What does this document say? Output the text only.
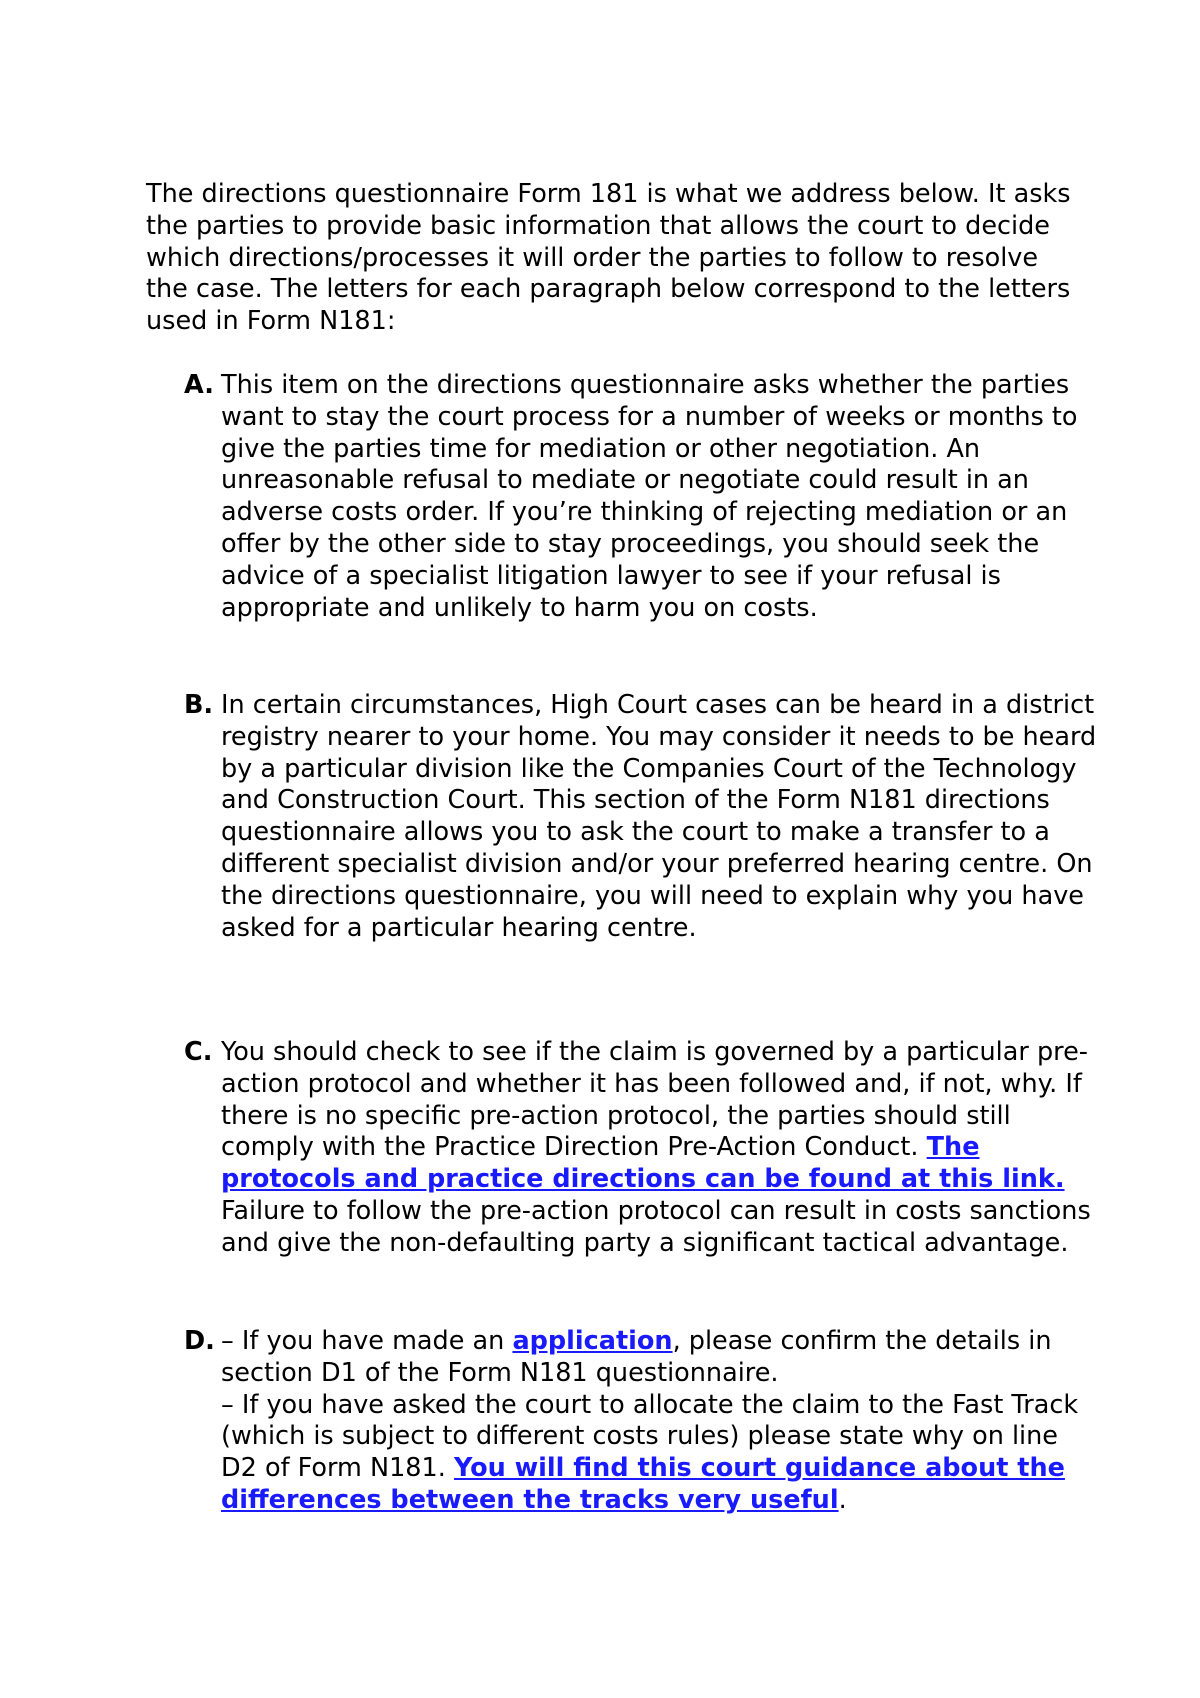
The directions questionnaire Form 181 is what we address below. It asks the parties to provide basic information that allows the court to decide which directions/processes it will order the parties to follow to resolve the case. The letters for each paragraph below correspond to the letters used in Form N181:

A. This item on the directions questionnaire asks whether the parties want to stay the court process for a number of weeks or months to give the parties time for mediation or other negotiation. An unreasonable refusal to mediate or negotiate could result in an adverse costs order. If you’re thinking of rejecting mediation or an offer by the other side to stay proceedings, you should seek the advice of a specialist litigation lawyer to see if your refusal is appropriate and unlikely to harm you on costs.
B. In certain circumstances, High Court cases can be heard in a district registry nearer to your home. You may consider it needs to be heard by a particular division like the Companies Court of the Technology and Construction Court. This section of the Form N181 directions questionnaire allows you to ask the court to make a transfer to a different specialist division and/or your preferred hearing centre. On the directions questionnaire, you will need to explain why you have asked for a particular hearing centre.
C. You should check to see if the claim is governed by a particular pre-action protocol and whether it has been followed and, if not, why. If there is no specific pre-action protocol, the parties should still comply with the Practice Direction Pre-Action Conduct. The protocols and practice directions can be found at this link. Failure to follow the pre-action protocol can result in costs sanctions and give the non-defaulting party a significant tactical advantage.
D. – If you have made an application, please confirm the details in section D1 of the Form N181 questionnaire.
– If you have asked the court to allocate the claim to the Fast Track (which is subject to different costs rules) please state why on line D2 of Form N181. You will find this court guidance about the differences between the tracks very useful.
